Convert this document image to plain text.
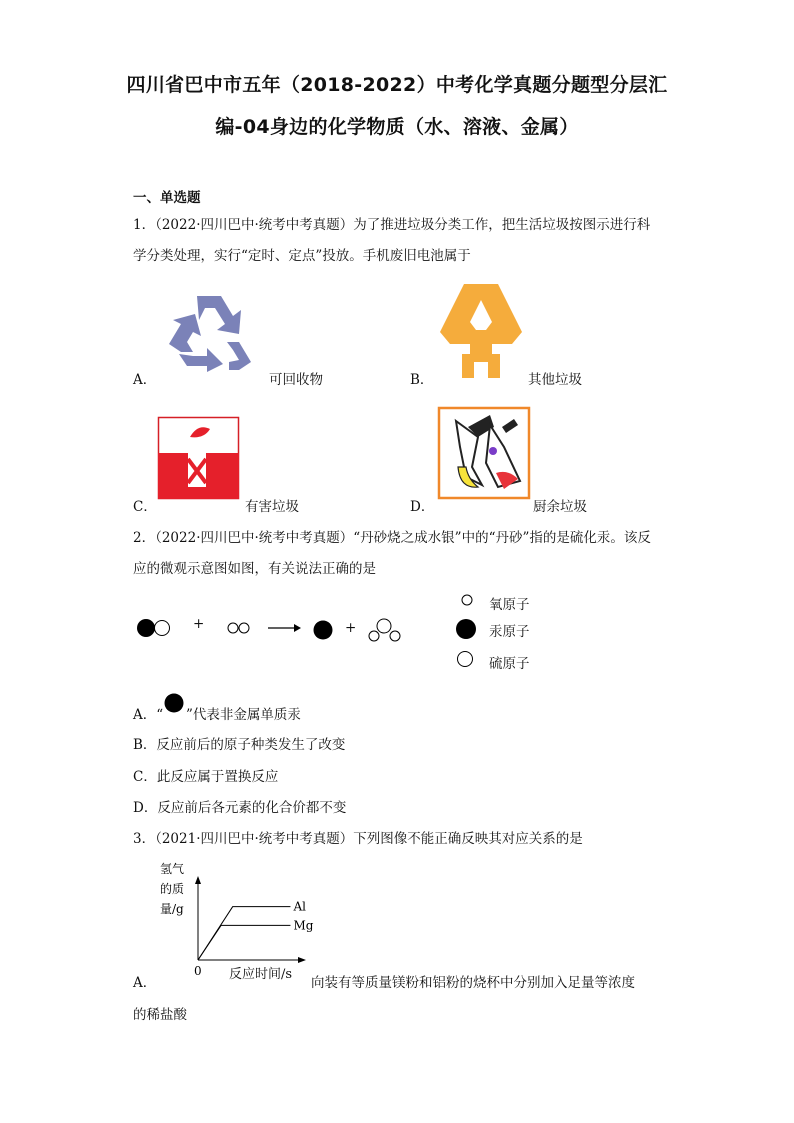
四川省巴中市五年（2018-2022）中考化学真题分题型分层汇
编-04身边的化学物质（水、溶液、金属）
一、单选题
1．（2022·四川巴中·统考中考真题）为了推进垃圾分类工作，把生活垃圾按图示进行科
学分类处理，实行“定时、定点”投放。手机废旧电池属于
A．	可回收物	B．	其他垃圾
C．	有害垃圾	D．	厨余垃圾
2．（2022·四川巴中·统考中考真题）“丹砂烧之成水银”中的“丹砂”指的是硫化汞。该反
应的微观示意图如图，有关说法正确的是
+	+
氧原子
汞原子
硫原子
A．“ ”代表非金属单质汞
B．反应前后的原子种类发生了改变
C．此反应属于置换反应
D．反应前后各元素的化合价都不变
3．（2021·四川巴中·统考中考真题）下列图像不能正确反映其对应关系的是
氢气
的质
量/g
0
Al
Mg
反应时间/s
A．	向装有等质量镁粉和铝粉的烧杯中分别加入足量等浓度
的稀盐酸
